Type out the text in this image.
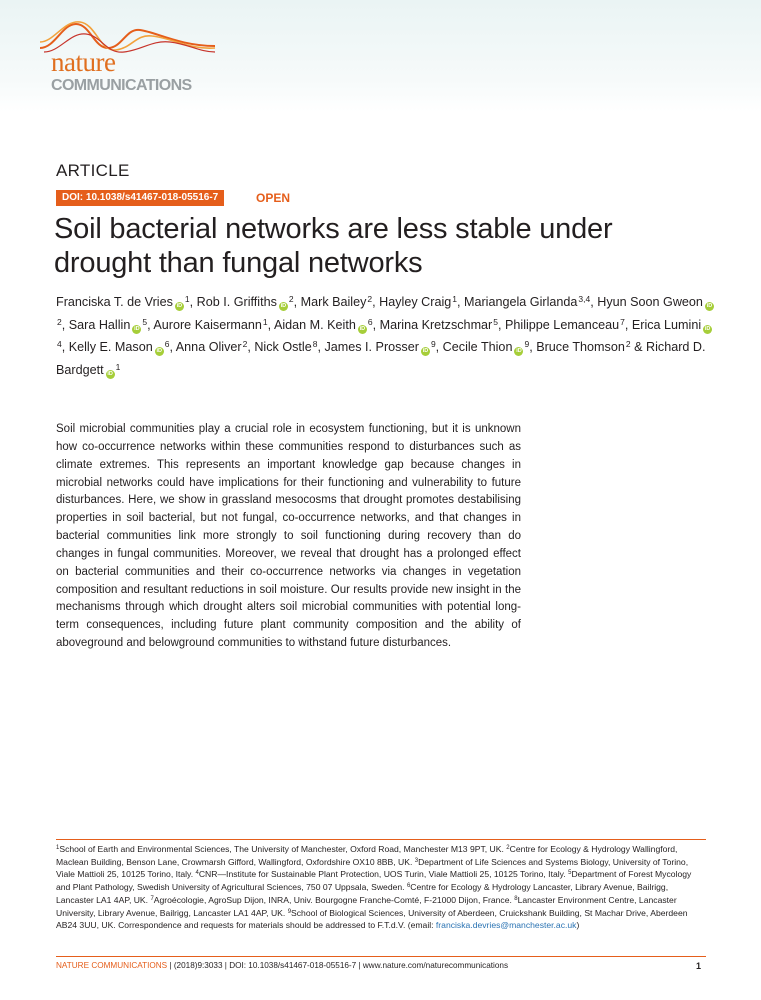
nature
COMMUNICATIONS
ARTICLE
DOI: 10.1038/s41467-018-05516-7	OPEN
Soil bacterial networks are less stable under drought than fungal networks
Franciska T. de Vries $iD^1$, Rob I. Griffiths $iD^2$, Mark Bailey$^2$, Hayley Craig$^1$, Mariangela Girlanda$^{3,4}$, Hyun Soon Gweon $iD^2$, Sara Hallin $iD^5$, Aurore Kaisermann$^1$, Aidan M. Keith $iD^6$, Marina Kretzschmar$^5$, Philippe Lemanceau$^7$, Erica Lumini $iD^4$, Kelly E. Mason $iD^6$, Anna Oliver$^2$, Nick Ostle$^8$, James I. Prosser $iD^9$, Cecile Thion $iD^9$, Bruce Thomson$^2$ & Richard D. Bardgett $iD^1$

Soil microbial communities play a crucial role in ecosystem functioning, but it is unknown how co-occurrence networks within these communities respond to disturbances such as climate extremes. This represents an important knowledge gap because changes in microbial networks could have implications for their functioning and vulnerability to future disturbances. Here, we show in grassland mesocosms that drought promotes destabilising properties in soil bacterial, but not fungal, co-occurrence networks, and that changes in bacterial communities link more strongly to soil functioning during recovery than do changes in fungal communities. Moreover, we reveal that drought has a prolonged effect on bacterial communities and their co-occurrence networks via changes in vegetation composition and resultant reductions in soil moisture. Our results provide new insight in the mechanisms through which drought alters soil microbial communities with potential long-term consequences, including future plant community composition and the ability of aboveground and belowground communities to withstand future disturbances.

$^1$School of Earth and Environmental Sciences, The University of Manchester, Oxford Road, Manchester M13 9PT, UK. $^2$Centre for Ecology & Hydrology Wallingford, Maclean Building, Benson Lane, Crowmarsh Gifford, Wallingford, Oxfordshire OX10 8BB, UK. $^3$Department of Life Sciences and Systems Biology, University of Torino, Viale Mattioli 25, 10125 Torino, Italy. $^4$CNR—Institute for Sustainable Plant Protection, UOS Turin, Viale Mattioli 25, 10125 Torino, Italy. $^5$Department of Forest Mycology and Plant Pathology, Swedish University of Agricultural Sciences, 750 07 Uppsala, Sweden. $^6$Centre for Ecology & Hydrology Lancaster, Library Avenue, Bailrigg, Lancaster LA1 4AP, UK. $^7$Agroécologie, AgroSup Dijon, INRA, Univ. Bourgogne Franche-Comté, F-21000 Dijon, France. $^8$Lancaster Environment Centre, Lancaster University, Library Avenue, Bailrigg, Lancaster LA1 4AP, UK. $^9$School of Biological Sciences, University of Aberdeen, Cruickshank Building, St Machar Drive, Aberdeen AB24 3UU, UK. Correspondence and requests for materials should be addressed to F.T.d.V. (email: franciska.devries@manchester.ac.uk)

NATURE COMMUNICATIONS | (2018)9:3033 | DOI: 10.1038/s41467-018-05516-7 | www.nature.com/naturecommunications	1
